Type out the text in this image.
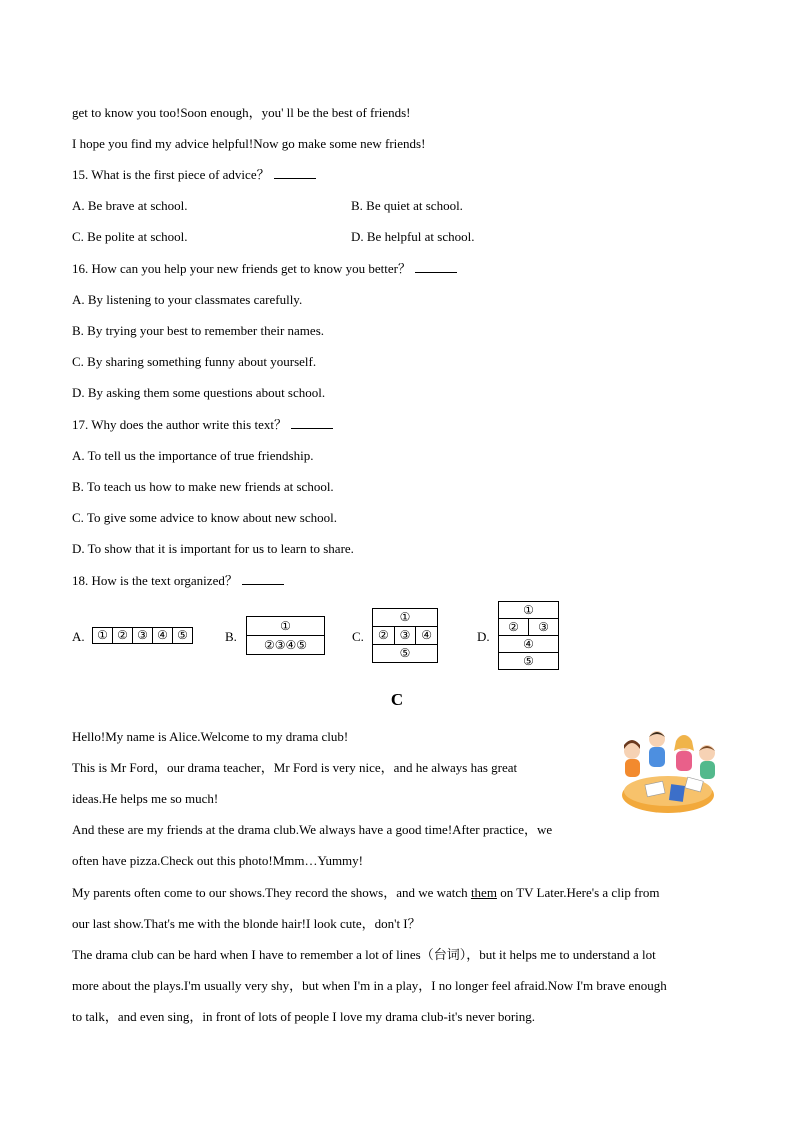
get to know you too!Soon enough，you' ll be the best of friends!
I hope you find my advice helpful!Now go make some new friends!
15. What is the first piece of advice？
A. Be brave at school.	B. Be quiet at school.
C. Be polite at school.	D. Be helpful at school.
16. How can you help your new friends get to know you better？
A. By listening to your classmates carefully.
B. By trying your best to remember their names.
C. By sharing something funny about yourself.
D. By asking them some questions about school.
17. Why does the author write this text？
A. To tell us the importance of true friendship.
B. To teach us how to make new friends at school.
C. To give some advice to know about new school.
D. To show that it is important for us to learn to share.
18. How is the text organized？
A. ①	②	③	④	⑤	B.
①
②③④⑤
C.
①
②	③	④
⑤
D.
①
②	③
④
⑤
C
Hello!My name is Alice.Welcome to my drama club!
This is Mr Ford，our drama teacher，Mr Ford is very nice，and he always has great
ideas.He helps me so much!
And these are my friends at the drama club.We always have a good time!After practice，we
often have pizza.Check out this photo!Mmm…Yummy!
My parents often come to our shows.They record the shows，and we watch them on TV Later.Here's a clip from
our last show.That's me with the blonde hair!I look cute，don't I？
The drama club can be hard when I have to remember a lot of lines（台词），but it helps me to understand a lot
more about the plays.I'm usually very shy，but when I'm in a play，I no longer feel afraid.Now I'm brave enough
to talk，and even sing，in front of lots of people I love my drama club-it's never boring.
